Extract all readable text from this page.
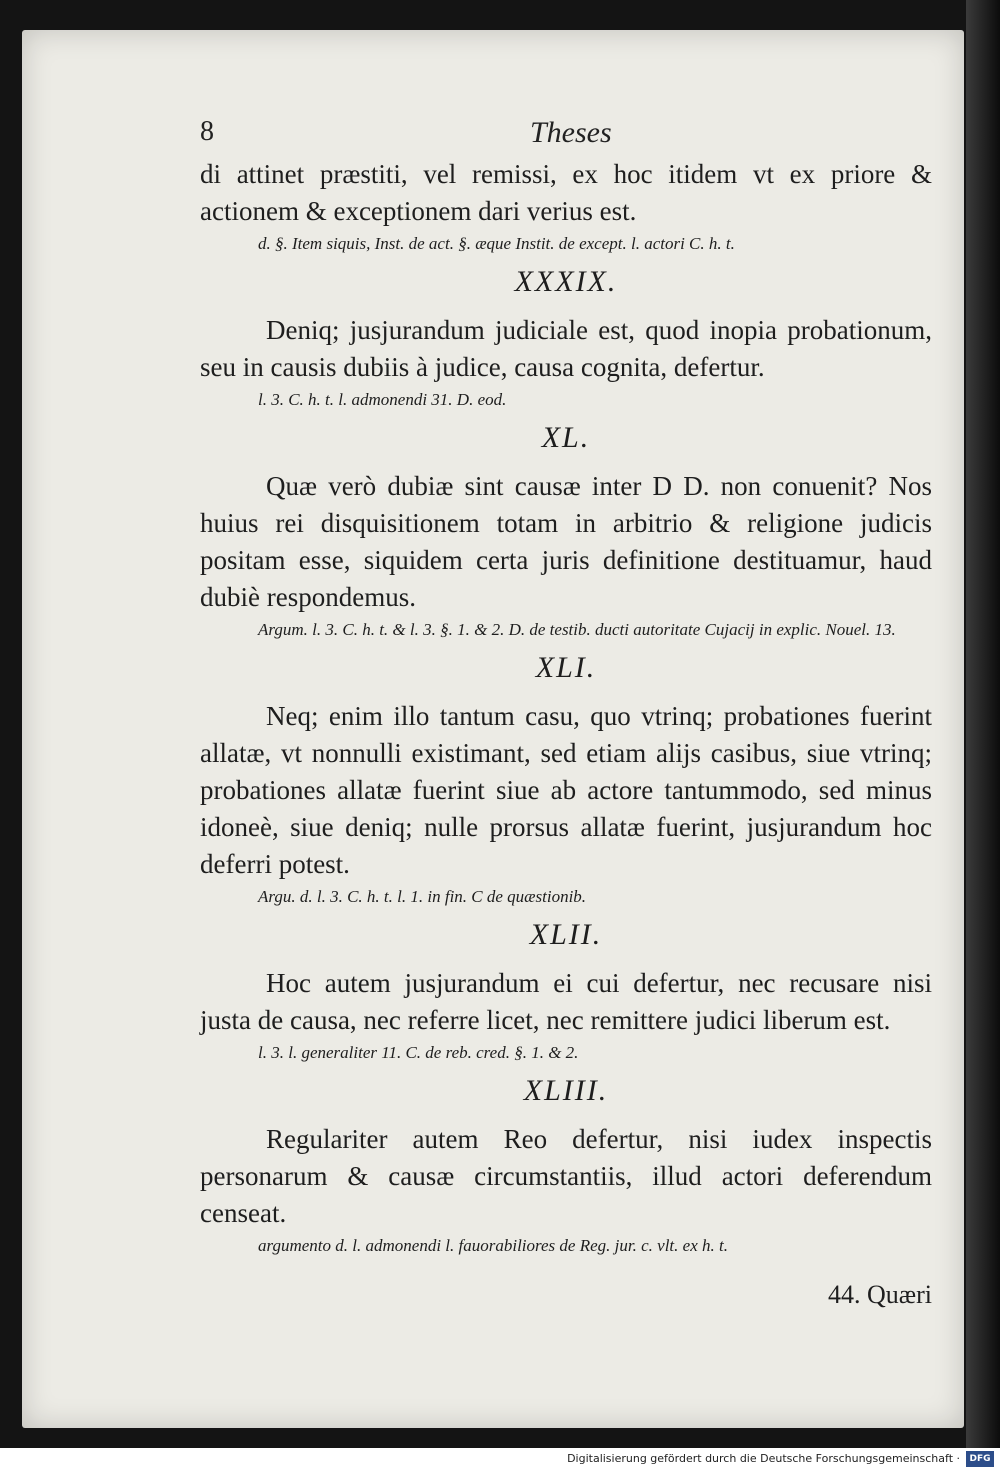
8	Theses

di attinet præstiti, vel remissi, ex hoc itidem vt ex priore & actionem & exceptionem dari verius est.

d. §. Item siquis, Inst. de act. §. æque Instit. de except. l. actori C. h. t.
XXXIX.

Deniq; jusjurandum judiciale est, quod inopia probationum, seu in causis dubiis à judice, causa cognita, defertur.

l. 3. C. h. t. l. admonendi 31. D. eod.
XL.

Quæ verò dubiæ sint causæ inter D D. non conuenit? Nos huius rei disquisitionem totam in arbitrio & religione judicis positam esse, siquidem certa juris definitione destituamur, haud dubiè respondemus.

Argum. l. 3. C. h. t. & l. 3. §. 1. & 2. D. de testib. ducti autoritate Cujacij in explic. Nouel. 13.
XLI.

Neq; enim illo tantum casu, quo vtrinq; probationes fuerint allatæ, vt nonnulli existimant, sed etiam alijs casibus, siue vtrinq; probationes allatæ fuerint siue ab actore tantummodo, sed minus idoneè, siue deniq; nulle prorsus allatæ fuerint, jusjurandum hoc deferri potest.

Argu. d. l. 3. C. h. t. l. 1. in fin. C de quæstionib.
XLII.

Hoc autem jusjurandum ei cui defertur, nec recusare nisi justa de causa, nec referre licet, nec remittere judici liberum est.

l. 3. l. generaliter 11. C. de reb. cred. §. 1. & 2.
XLIII.

Regulariter autem Reo defertur, nisi iudex inspectis personarum & causæ circumstantiis, illud actori deferendum censeat.

argumento d. l. admonendi l. fauorabiliores de Reg. jur. c. vlt. ex h. t.
44. Quæri
Digitalisierung gefördert durch die Deutsche Forschungsgemeinschaft ·	DFG
